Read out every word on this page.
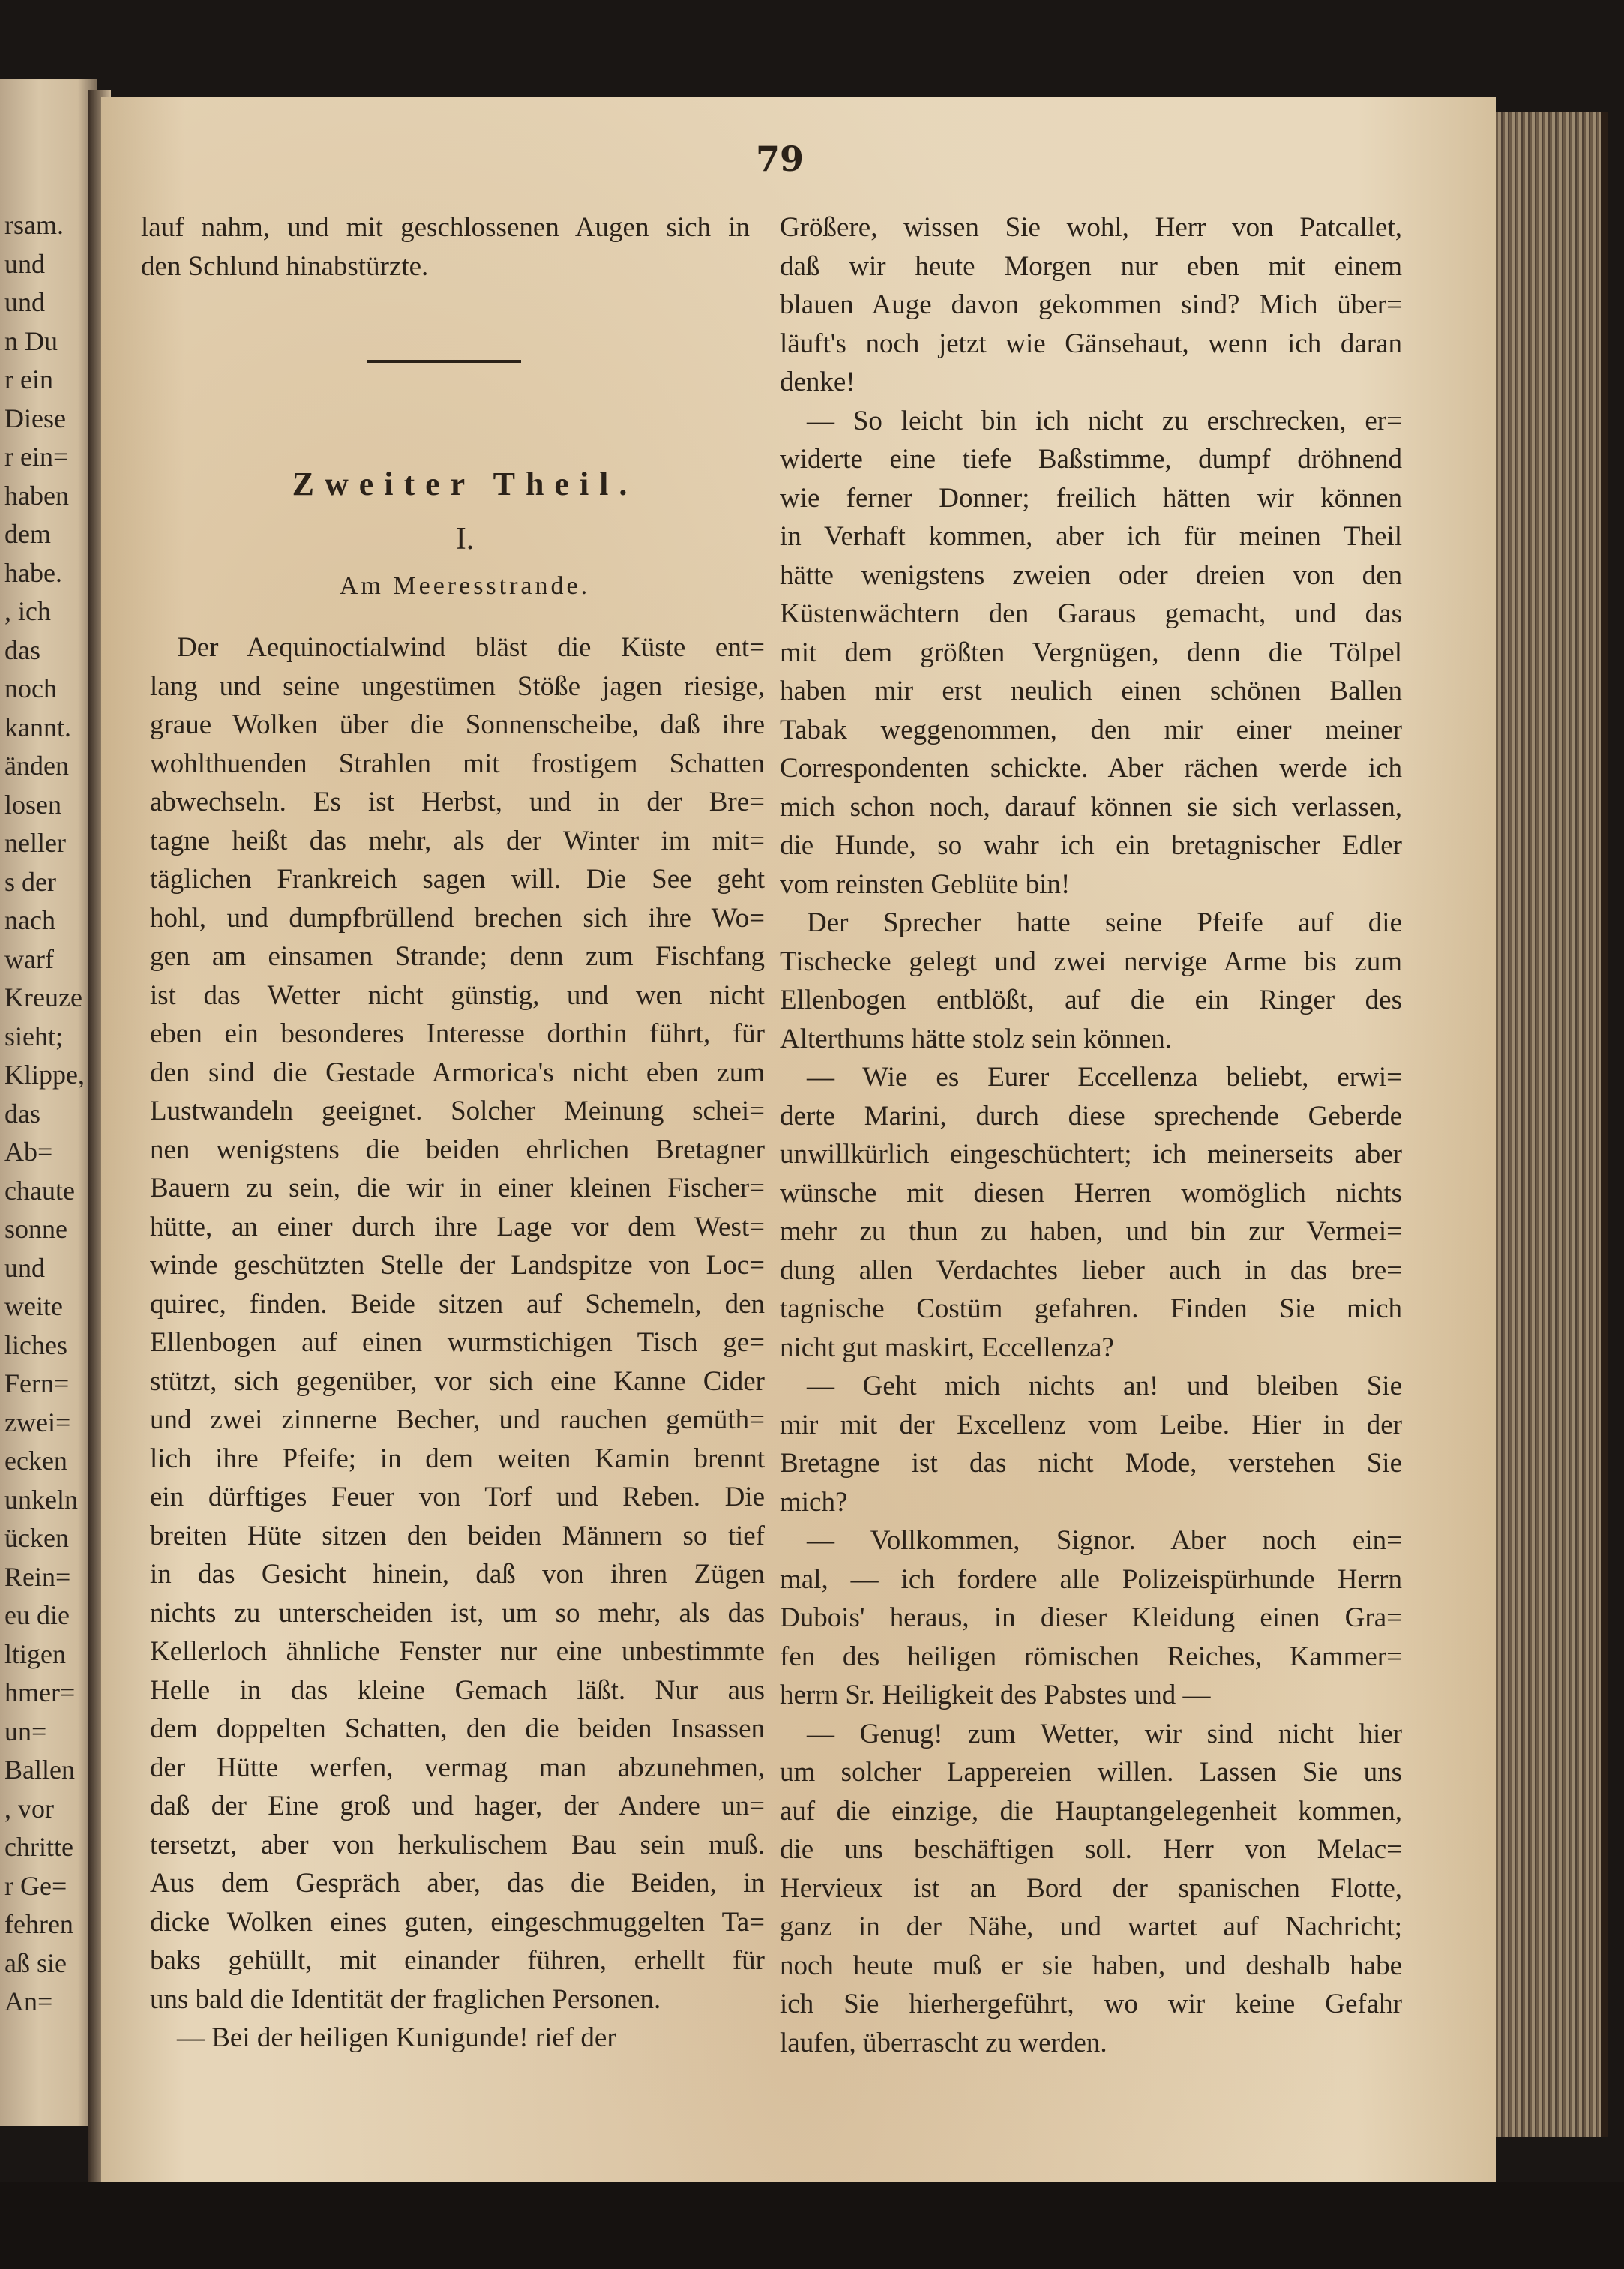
rsam.
und
und
n Du
r ein
Diese
r ein=
haben
dem
habe.
, ich
das
noch
kannt.
änden
losen
neller
s der
nach
warf
Kreuze
sieht;
Klippe,
das
Ab=
chaute
sonne
und
weite
liches
Fern=
zwei=
ecken
unkeln
ücken
Rein=
eu die
ltigen
hmer=
un=
Ballen
, vor
chritte
r Ge=
fehren
aß sie
An=
79
lauf nahm, und mit geschlossenen Augen sich in
den Schlund hinabstürzte.
Zweiter Theil.
I.
Am Meeresstrande.
Der Aequinoctialwind bläst die Küste ent=
lang und seine ungestümen Stöße jagen riesige,
graue Wolken über die Sonnenscheibe, daß ihre
wohlthuenden Strahlen mit frostigem Schatten
abwechseln. Es ist Herbst, und in der Bre=
tagne heißt das mehr, als der Winter im mit=
täglichen Frankreich sagen will. Die See geht
hohl, und dumpfbrüllend brechen sich ihre Wo=
gen am einsamen Strande; denn zum Fischfang
ist das Wetter nicht günstig, und wen nicht
eben ein besonderes Interesse dorthin führt, für
den sind die Gestade Armorica's nicht eben zum
Lustwandeln geeignet. Solcher Meinung schei=
nen wenigstens die beiden ehrlichen Bretagner
Bauern zu sein, die wir in einer kleinen Fischer=
hütte, an einer durch ihre Lage vor dem West=
winde geschützten Stelle der Landspitze von Loc=
quirec, finden. Beide sitzen auf Schemeln, den
Ellenbogen auf einen wurmstichigen Tisch ge=
stützt, sich gegenüber, vor sich eine Kanne Cider
und zwei zinnerne Becher, und rauchen gemüth=
lich ihre Pfeife; in dem weiten Kamin brennt
ein dürftiges Feuer von Torf und Reben. Die
breiten Hüte sitzen den beiden Männern so tief
in das Gesicht hinein, daß von ihren Zügen
nichts zu unterscheiden ist, um so mehr, als das
Kellerloch ähnliche Fenster nur eine unbestimmte
Helle in das kleine Gemach läßt. Nur aus
dem doppelten Schatten, den die beiden Insassen
der Hütte werfen, vermag man abzunehmen,
daß der Eine groß und hager, der Andere un=
tersetzt, aber von herkulischem Bau sein muß.
Aus dem Gespräch aber, das die Beiden, in
dicke Wolken eines guten, eingeschmuggelten Ta=
baks gehüllt, mit einander führen, erhellt für
uns bald die Identität der fraglichen Personen.
— Bei der heiligen Kunigunde! rief der
Größere, wissen Sie wohl, Herr von Patcallet,
daß wir heute Morgen nur eben mit einem
blauen Auge davon gekommen sind? Mich über=
läuft's noch jetzt wie Gänsehaut, wenn ich daran
denke!
— So leicht bin ich nicht zu erschrecken, er=
widerte eine tiefe Baßstimme, dumpf dröhnend
wie ferner Donner; freilich hätten wir können
in Verhaft kommen, aber ich für meinen Theil
hätte wenigstens zweien oder dreien von den
Küstenwächtern den Garaus gemacht, und das
mit dem größten Vergnügen, denn die Tölpel
haben mir erst neulich einen schönen Ballen
Tabak weggenommen, den mir einer meiner
Correspondenten schickte. Aber rächen werde ich
mich schon noch, darauf können sie sich verlassen,
die Hunde, so wahr ich ein bretagnischer Edler
vom reinsten Geblüte bin!
Der Sprecher hatte seine Pfeife auf die
Tischecke gelegt und zwei nervige Arme bis zum
Ellenbogen entblößt, auf die ein Ringer des
Alterthums hätte stolz sein können.
— Wie es Eurer Eccellenza beliebt, erwi=
derte Marini, durch diese sprechende Geberde
unwillkürlich eingeschüchtert; ich meinerseits aber
wünsche mit diesen Herren womöglich nichts
mehr zu thun zu haben, und bin zur Vermei=
dung allen Verdachtes lieber auch in das bre=
tagnische Costüm gefahren. Finden Sie mich
nicht gut maskirt, Eccellenza?
— Geht mich nichts an! und bleiben Sie
mir mit der Excellenz vom Leibe. Hier in der
Bretagne ist das nicht Mode, verstehen Sie
mich?
— Vollkommen, Signor. Aber noch ein=
mal, — ich fordere alle Polizeispürhunde Herrn
Dubois' heraus, in dieser Kleidung einen Gra=
fen des heiligen römischen Reiches, Kammer=
herrn Sr. Heiligkeit des Pabstes und —
— Genug! zum Wetter, wir sind nicht hier
um solcher Lappereien willen. Lassen Sie uns
auf die einzige, die Hauptangelegenheit kommen,
die uns beschäftigen soll. Herr von Melac=
Hervieux ist an Bord der spanischen Flotte,
ganz in der Nähe, und wartet auf Nachricht;
noch heute muß er sie haben, und deshalb habe
ich Sie hierhergeführt, wo wir keine Gefahr
laufen, überrascht zu werden.
